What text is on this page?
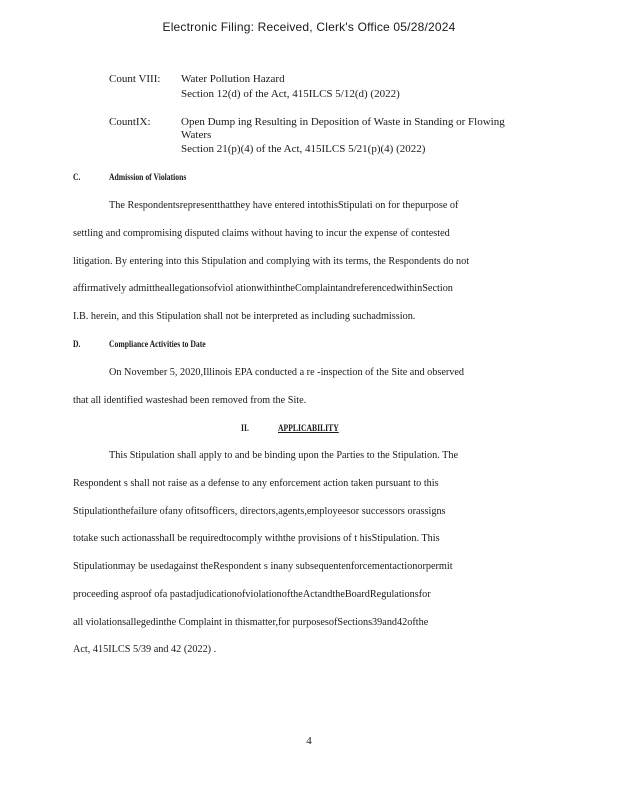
Electronic Filing: Received, Clerk's Office 05/28/2024
Count VIII: Water Pollution Hazard
Section 12(d) of the Act, 415ILCS 5/12(d) (2022)
CountIX:	Open Dump ing Resulting in Deposition of Waste in Standing or Flowing
Waters
Section 21(p)(4) of the Act, 415ILCS 5/21(p)(4) (2022)
C.	Admission of Violations
The Respondentsrepresentthatthey have entered intothisStipulati on for thepurpose of
settling and compromising disputed claims without having to incur the expense of contested
litigation. By entering into this Stipulation and complying with its terms, the Respondents do not
affirmatively admittheallegationsofviol ationwithintheComplaintandreferencedwithinSection
I.B. herein, and this Stipulation shall not be interpreted as including suchadmission.
D.	Compliance Activities to Date
On November 5, 2020,Illinois EPA conducted a re -inspection of the Site and observed
that all identified wasteshad been removed from the Site.
II.	APPLICABILITY
This Stipulation shall apply to and be binding upon the Parties to the Stipulation. The
Respondent s shall not raise as a defense to any enforcement action taken pursuant to this
Stipulationthefailure ofany ofitsofficers, directors,agents,employeesor successors orassigns
totake such actionasshall be requiredtocomply withthe provisions of t hisStipulation. This
Stipulationmay be usedagainst theRespondent s inany subsequentenforcementactionorpermit
proceeding asproof ofa pastadjudicationofviolationoftheActandtheBoardRegulationsfor
all violationsallegedinthe Complaint in thismatter,for purposesofSections39and42ofthe
Act, 415ILCS 5/39 and 42 (2022) .
4
